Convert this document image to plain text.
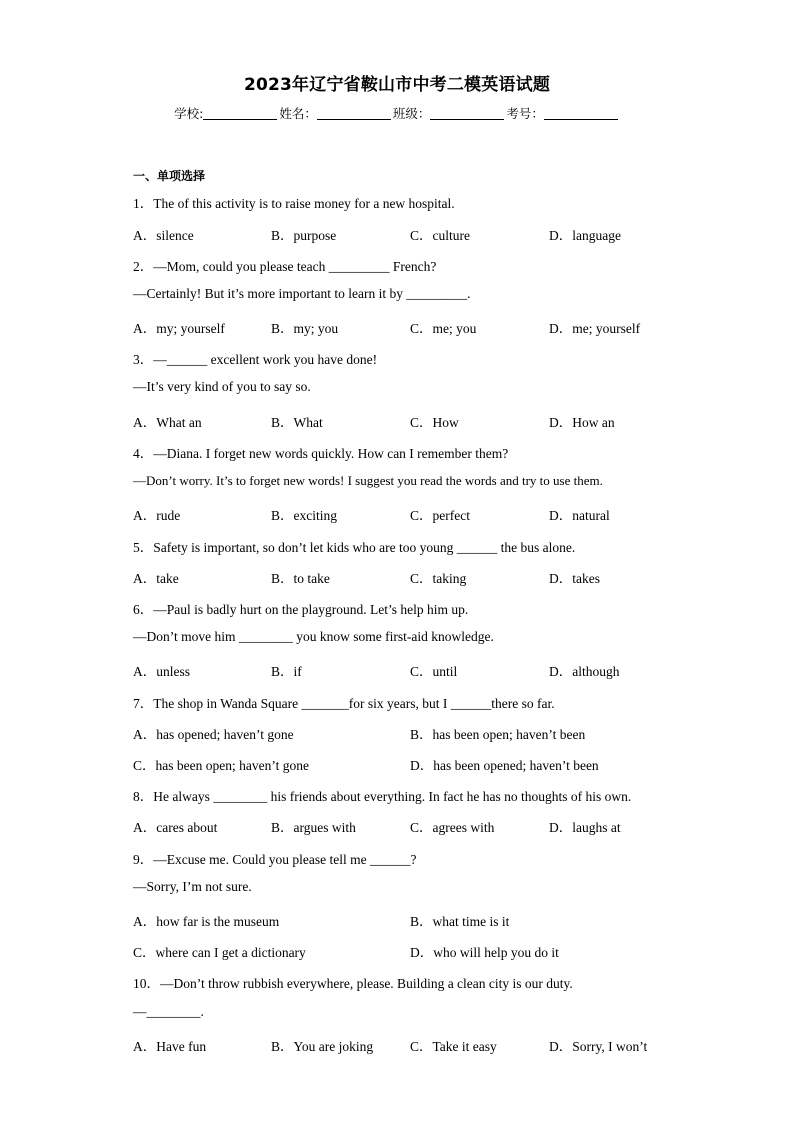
2023年辽宁省鞍山市中考二模英语试题
学校:	姓名：	班级：	考号：
一、单项选择
1．The of this activity is to raise money for a new hospital.
A．silence	B．purpose	C．culture	D．language
2．—Mom, could you please teach _________ French?
—Certainly! But it’s more important to learn it by _________.
A．my; yourself	B．my; you	C．me; you	D．me; yourself
3．—______ excellent work you have done!
—It’s very kind of you to say so.
A．What an	B．What	C．How	D．How an
4．—Diana. I forget new words quickly. How can I remember them?
—Don’t worry. It’s to forget new words! I suggest you read the words and try to use them.
A．rude	B．exciting	C．perfect	D．natural
5．Safety is important, so don’t let kids who are too young ______ the bus alone.
A．take	B．to take	C．taking	D．takes
6．—Paul is badly hurt on the playground. Let’s help him up.
—Don’t move him ________ you know some first-aid knowledge.
A．unless	B．if	C．until	D．although
7．The shop in Wanda Square _______for six years, but I ______there so far.
A．has opened; haven’t gone	B．has been open; haven’t been
C．has been open; haven’t gone	D．has been opened; haven’t been
8．He always ________ his friends about everything. In fact he has no thoughts of his own.
A．cares about	B．argues with	C．agrees with	D．laughs at
9．—Excuse me. Could you please tell me ______?
—Sorry, I’m not sure.
A．how far is the museum	B．what time is it
C．where can I get a dictionary	D．who will help you do it
10．—Don’t throw rubbish everywhere, please. Building a clean city is our duty.
—________.
A．Have fun	B．You are joking	C．Take it easy	D．Sorry, I won’t
